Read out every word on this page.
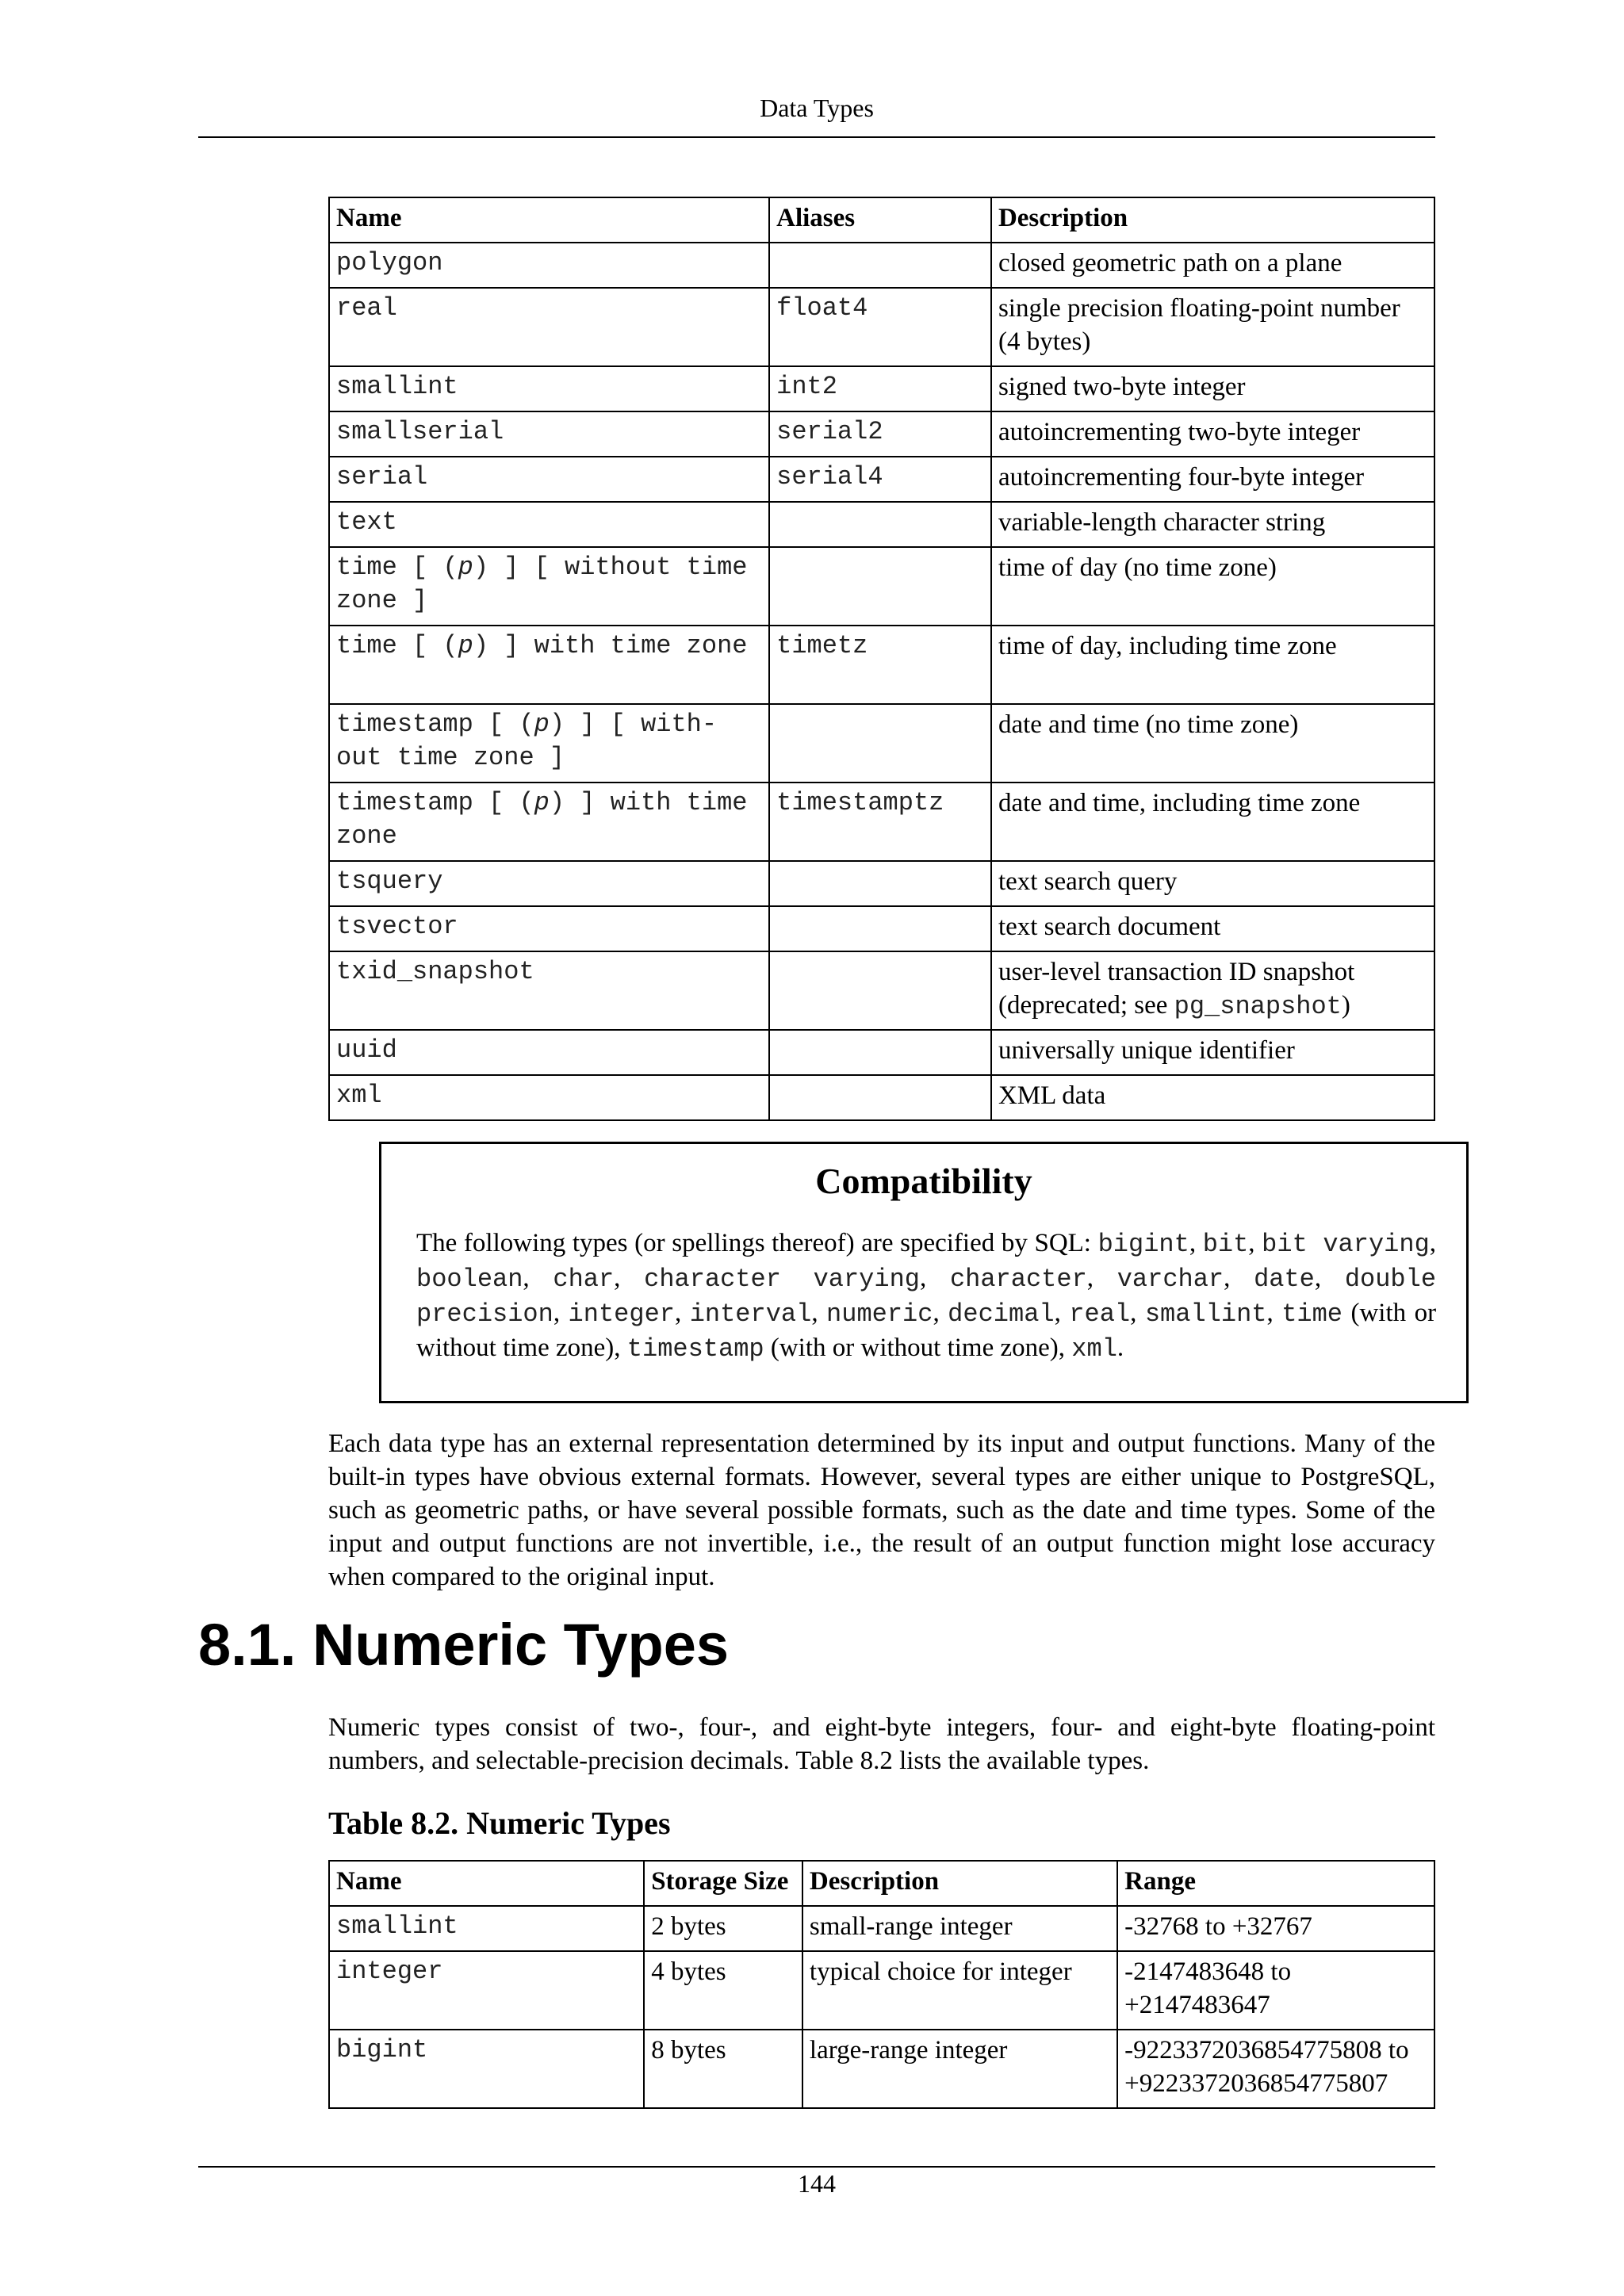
Data Types
Name	Aliases	Description
polygon		closed geometric path on a plane
real	float4	single precision floating-point number (4 bytes)
smallint	int2	signed two-byte integer
smallserial	serial2	autoincrementing two-byte integer
serial	serial4	autoincrementing four-byte integer
text		variable-length character string
time [ (p) ] [ without time zone ]		time of day (no time zone)
time [ (p) ] with time zone	timetz	time of day, including time zone
timestamp [ (p) ] [ with- out time zone ]		date and time (no time zone)
timestamp [ (p) ] with time zone	timestamptz	date and time, including time zone
tsquery		text search query
tsvector		text search document
txid_snapshot		user-level transaction ID snapshot (deprecated; see pg_snapshot)
uuid		universally unique identifier
xml		XML data
Compatibility
The following types (or spellings thereof) are specified by SQL: bigint, bit, bit varying, boolean, char, character varying, character, varchar, date, double precision, integer, interval, numeric, decimal, real, smallint, time (with or without time zone), timestamp (with or without time zone), xml.
Each data type has an external representation determined by its input and output functions. Many of the built-in types have obvious external formats. However, several types are either unique to PostgreSQL, such as geometric paths, or have several possible formats, such as the date and time types. Some of the input and output functions are not invertible, i.e., the result of an output function might lose accuracy when compared to the original input.
8.1. Numeric Types
Numeric types consist of two-, four-, and eight-byte integers, four- and eight-byte floating-point numbers, and selectable-precision decimals. Table 8.2 lists the available types.
Table 8.2. Numeric Types
Name	Storage Size	Description	Range
smallint	2 bytes	small-range integer	-32768 to +32767
integer	4 bytes	typical choice for integer	-2147483648 to +2147483647
bigint	8 bytes	large-range integer	-9223372036854775808 to +9223372036854775807
144
